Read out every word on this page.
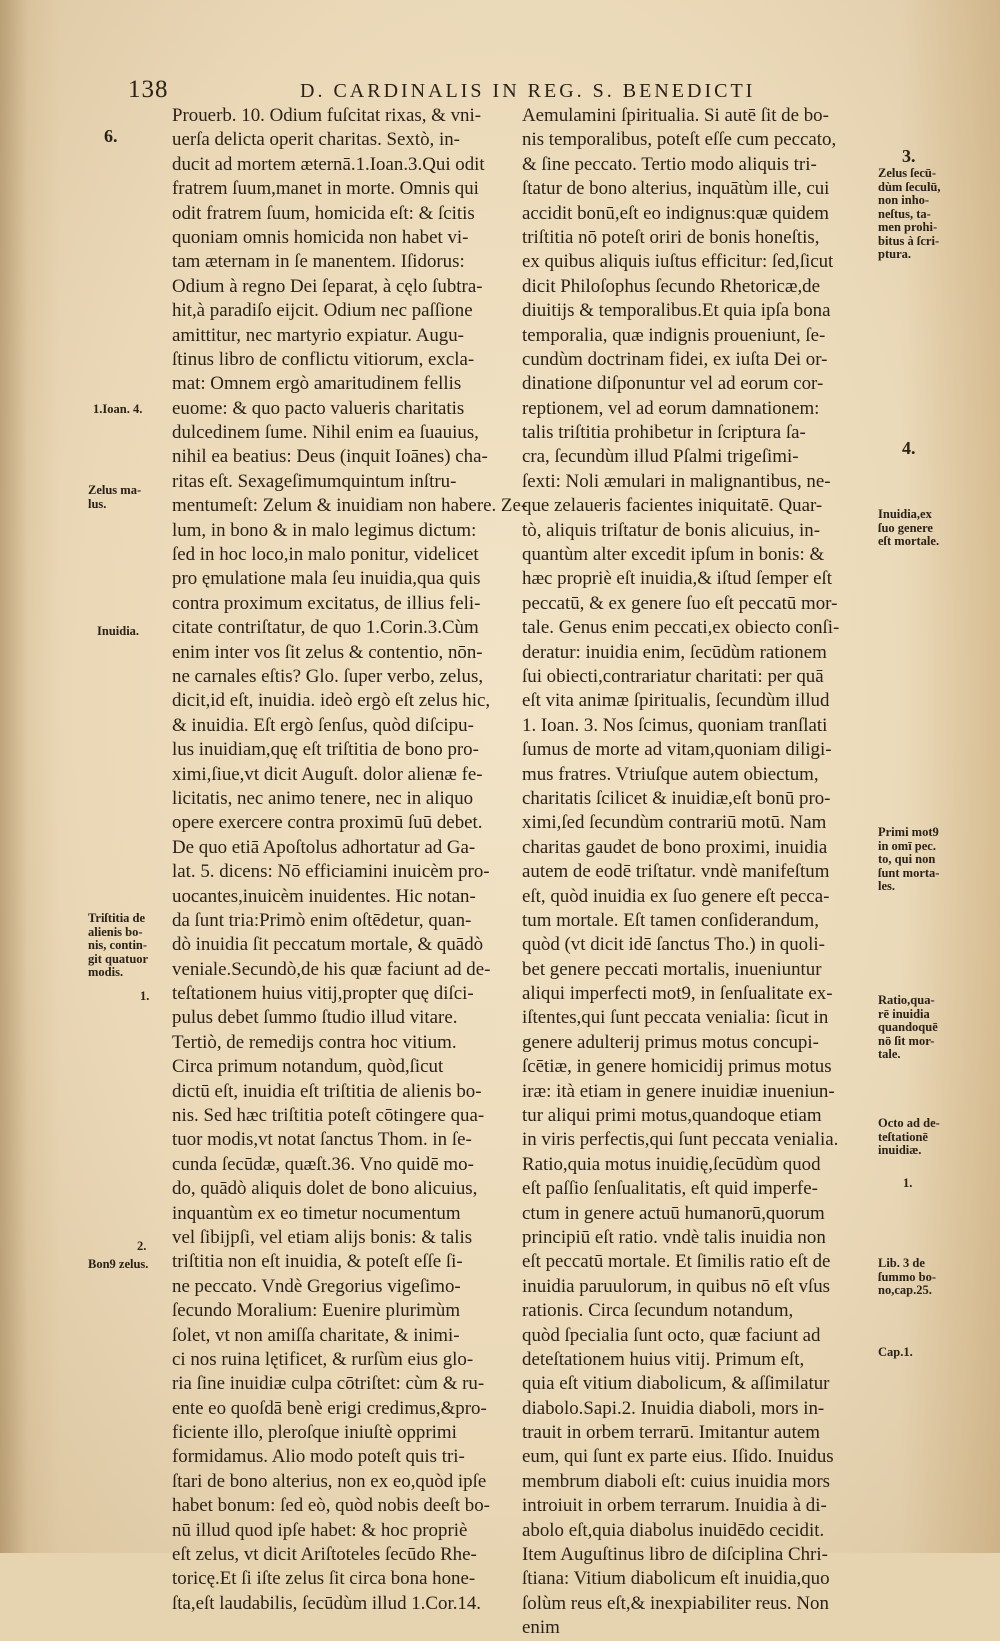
138	D. CARDINALIS IN REG. S. BENEDICTI
Prouerb. 10. Odium fuſcitat rixas, & vni-
uerſa delicta operit charitas. Sextò, in-
ducit ad mortem æternā.1.Ioan.3.Qui odit
fratrem ſuum,manet in morte. Omnis qui
odit fratrem ſuum, homicida eſt: & ſcitis
quoniam omnis homicida non habet vi-
tam æternam in ſe manentem. Iſidorus:
Odium à regno Dei ſeparat, à cęlo ſubtra-
hit,à paradiſo eijcit. Odium nec paſſione
amittitur, nec martyrio expiatur. Augu-
ſtinus libro de conflictu vitiorum, excla-
mat: Omnem ergò amaritudinem fellis
euome: & quo pacto valueris charitatis
dulcedinem ſume. Nihil enim ea ſuauius,
nihil ea beatius: Deus (inquit Ioānes) cha-
ritas eſt. Sexageſimumquintum inſtru-
mentumeſt: Zelum & inuidiam non habere. Ze-
lum, in bono & in malo legimus dictum:
ſed in hoc loco,in malo ponitur, videlicet
pro ęmulatione mala ſeu inuidia,qua quis
contra proximum excitatus, de illius feli-
citate contriſtatur, de quo 1.Corin.3.Cùm
enim inter vos ſit zelus & contentio, nōn-
ne carnales eſtis? Glo. ſuper verbo, zelus,
dicit,id eſt, inuidia. ideò ergò eſt zelus hic,
& inuidia. Eſt ergò ſenſus, quòd diſcipu-
lus inuidiam,quę eſt triſtitia de bono pro-
ximi,ſiue,vt dicit Auguſt. dolor alienæ fe-
licitatis, nec animo tenere, nec in aliquo
opere exercere contra proximū ſuū debet.
De quo etiā Apoſtolus adhortatur ad Ga-
lat. 5. dicens: Nō efficiamini inuicèm pro-
uocantes,inuicèm inuidentes. Hic notan-
da ſunt tria:Primò enim oſtēdetur, quan-
dò inuidia ſit peccatum mortale, & quādò
veniale.Secundò,de his quæ faciunt ad de-
teſtationem huius vitij,propter quę diſci-
pulus debet ſummo ſtudio illud vitare.
Tertiò, de remedijs contra hoc vitium.
Circa primum notandum, quòd,ſicut
dictū eſt, inuidia eſt triſtitia de alienis bo-
nis. Sed hæc triſtitia poteſt cōtingere qua-
tuor modis,vt notat ſanctus Thom. in ſe-
cunda ſecūdæ, quæſt.36. Vno quidē mo-
do, quādò aliquis dolet de bono alicuius,
inquantùm ex eo timetur nocumentum
vel ſibijpſi, vel etiam alijs bonis: & talis
triſtitia non eſt inuidia, & poteſt eſſe ſi-
ne peccato. Vndè Gregorius vigeſimo-
ſecundo Moralium: Euenire plurimùm
ſolet, vt non amiſſa charitate, & inimi-
ci nos ruina lętificet, & rurſùm eius glo-
ria ſine inuidiæ culpa cōtriſtet: cùm & ru-
ente eo quoſdā benè erigi credimus,&pro-
ficiente illo, pleroſque iniuſtè opprimi
formidamus. Alio modo poteſt quis tri-
ſtari de bono alterius, non ex eo,quòd ipſe
habet bonum: ſed eò, quòd nobis deeſt bo-
nū illud quod ipſe habet: & hoc propriè
eſt zelus, vt dicit Ariſtoteles ſecūdo Rhe-
toricę.Et ſi iſte zelus ſit circa bona hone-
ſta,eſt laudabilis, ſecūdùm illud 1.Cor.14.
Aemulamini ſpiritualia. Si autē ſit de bo-
nis temporalibus, poteſt eſſe cum peccato,
& ſine peccato. Tertio modo aliquis tri-
ſtatur de bono alterius, inquātùm ille, cui
accidit bonū,eſt eo indignus:quæ quidem
triſtitia nō poteſt oriri de bonis honeſtis,
ex quibus aliquis iuſtus efficitur: ſed,ſicut
dicit Philoſophus ſecundo Rhetoricæ,de
diuitijs & temporalibus.Et quia ipſa bona
temporalia, quæ indignis proueniunt, ſe-
cundùm doctrinam fidei, ex iuſta Dei or-
dinatione diſponuntur vel ad eorum cor-
reptionem, vel ad eorum damnationem:
talis triſtitia prohibetur in ſcriptura ſa-
cra, ſecundùm illud Pſalmi trigeſimi-
ſexti: Noli æmulari in malignantibus, ne-
que zelaueris facientes iniquitatē. Quar-
tò, aliquis triſtatur de bonis alicuius, in-
quantùm alter excedit ipſum in bonis: &
hæc propriè eſt inuidia,& iſtud ſemper eſt
peccatū, & ex genere ſuo eſt peccatū mor-
tale. Genus enim peccati,ex obiecto conſi-
deratur: inuidia enim, ſecūdùm rationem
ſui obiecti,contrariatur charitati: per quā
eſt vita animæ ſpiritualis, ſecundùm illud
1. Ioan. 3. Nos ſcimus, quoniam tranſlati
ſumus de morte ad vitam,quoniam diligi-
mus fratres. Vtriuſque autem obiectum,
charitatis ſcilicet & inuidiæ,eſt bonū pro-
ximi,ſed ſecundùm contrariū motū. Nam
charitas gaudet de bono proximi, inuidia
autem de eodē triſtatur. vndè manifeſtum
eſt, quòd inuidia ex ſuo genere eſt pecca-
tum mortale. Eſt tamen conſiderandum,
quòd (vt dicit idē ſanctus Tho.) in quoli-
bet genere peccati mortalis, inueniuntur
aliqui imperfecti mot9, in ſenſualitate ex-
iſtentes,qui ſunt peccata venialia: ſicut in
genere adulterij primus motus concupi-
ſcētiæ, in genere homicidij primus motus
iræ: ità etiam in genere inuidiæ inueniun-
tur aliqui primi motus,quandoque etiam
in viris perfectis,qui ſunt peccata venialia.
Ratio,quia motus inuidię,ſecūdùm quod
eſt paſſio ſenſualitatis, eſt quid imperfe-
ctum in genere actuū humanorū,quorum
principiū eſt ratio. vndè talis inuidia non
eſt peccatū mortale. Et ſimilis ratio eſt de
inuidia paruulorum, in quibus nō eſt vſus
rationis. Circa ſecundum notandum,
quòd ſpecialia ſunt octo, quæ faciunt ad
deteſtationem huius vitij. Primum eſt,
quia eſt vitium diabolicum, & aſſimilatur
diabolo.Sapi.2. Inuidia diaboli, mors in-
trauit in orbem terrarū. Imitantur autem
eum, qui ſunt ex parte eius. Iſido. Inuidus
membrum diaboli eſt: cuius inuidia mors
introiuit in orbem terrarum. Inuidia à di-
abolo eſt,quia diabolus inuidēdo cecidit.
Item Auguſtinus libro de diſciplina Chri-
ſtiana: Vitium diabolicum eſt inuidia,quo
ſolùm reus eſt,& inexpiabiliter reus. Non
enim
6.
1.Ioan. 4.
Zelus ma-
lus.
Inuidia.
Triſtitia de
alienis bo-
nis, contin-
git quatuor
modis.
1.
2.
Bon9 zelus.
3.
Zelus ſecū-
dùm ſeculū,
non inho-
neſtus, ta-
men prohi-
bitus à ſcri-
ptura.
4.
Inuidia,ex
ſuo genere
eſt mortale.
Primi mot9
in omī pec.
to, qui non
ſunt morta-
les.
Ratio,qua-
rē inuidia
quandoquē
nō ſit mor-
tale.
Octo ad de-
teſtationē
inuidiæ.
1.
Lib. 3 de
ſummo bo-
no,cap.25.
Cap.1.
